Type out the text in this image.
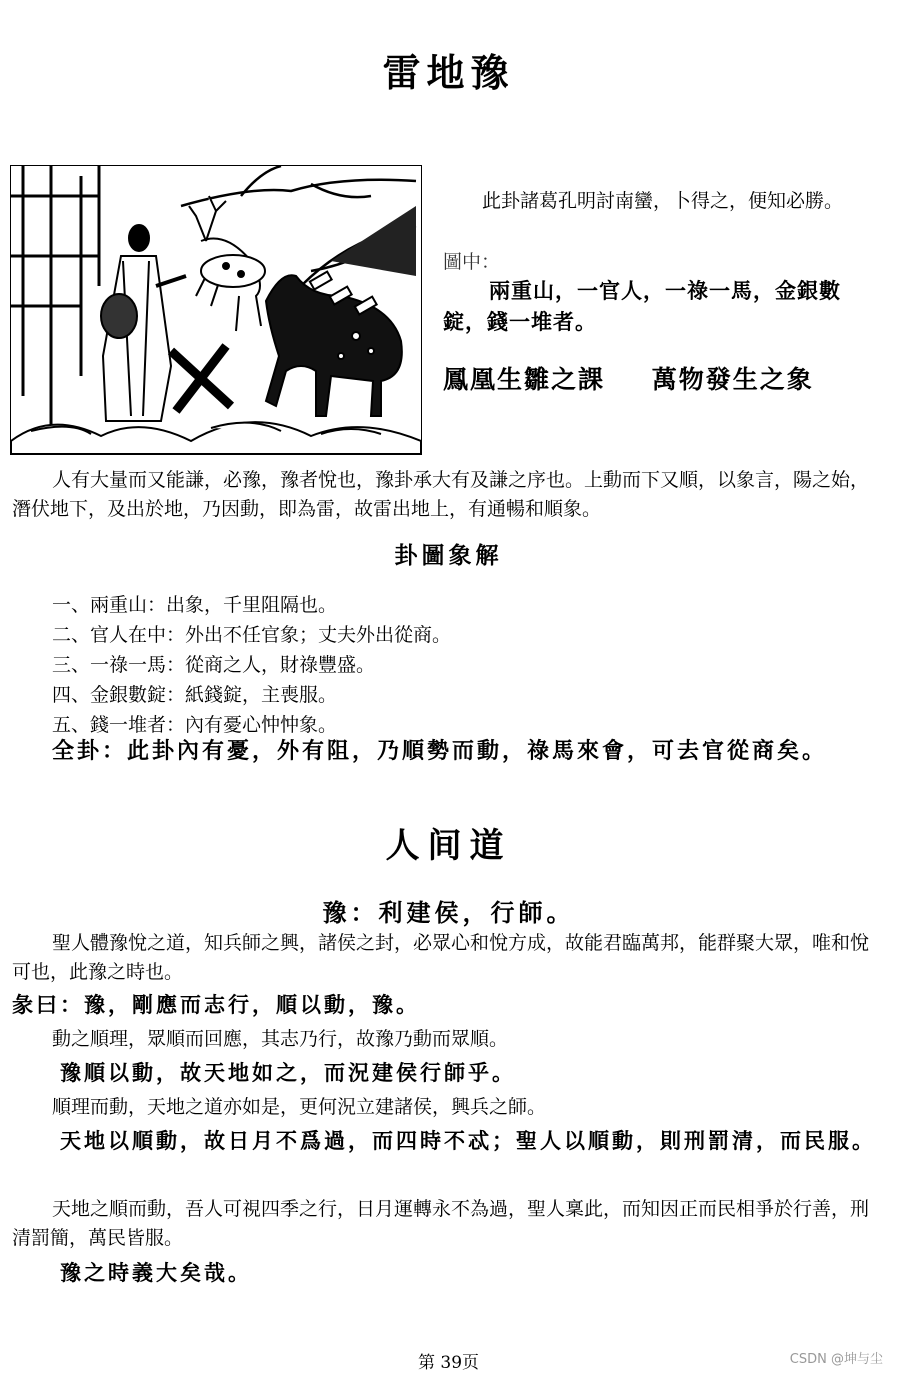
雷地豫
此卦諸葛孔明討南蠻，卜得之，便知必勝。
圖中：
兩重山，一官人，一祿一馬，金銀數錠，錢一堆者。
鳳凰生雛之課 萬物發生之象
人有大量而又能謙，必豫，豫者悅也，豫卦承大有及謙之序也。上動而下又順，以象言，陽之始，潛伏地下，及出於地，乃因動，即為雷，故雷出地上，有通暢和順象。
卦圖象解
一、兩重山：出象，千里阻隔也。
二、官人在中：外出不任官象；丈夫外出從商。
三、一祿一馬：從商之人，財祿豐盛。
四、金銀數錠：紙錢錠，主喪服。
五、錢一堆者：內有憂心忡忡象。
全卦：此卦內有憂，外有阻，乃順勢而動，祿馬來會，可去官從商矣。
人间道
豫：利建侯，行師。
聖人體豫悅之道，知兵師之興，諸侯之封，必眾心和悅方成，故能君臨萬邦，能群聚大眾，唯和悅可也，此豫之時也。
彖曰：豫，剛應而志行，順以動，豫。
動之順理，眾順而回應，其志乃行，故豫乃動而眾順。
豫順以動，故天地如之，而況建侯行師乎。
順理而動，天地之道亦如是，更何況立建諸侯，興兵之師。
天地以順動，故日月不爲過，而四時不忒；聖人以順動，則刑罰清，而民服。
天地之順而動，吾人可視四季之行，日月運轉永不為過，聖人稟此，而知因正而民相爭於行善，刑清罰簡，萬民皆服。
豫之時義大矣哉。
第 39页	CSDN @坤与尘
